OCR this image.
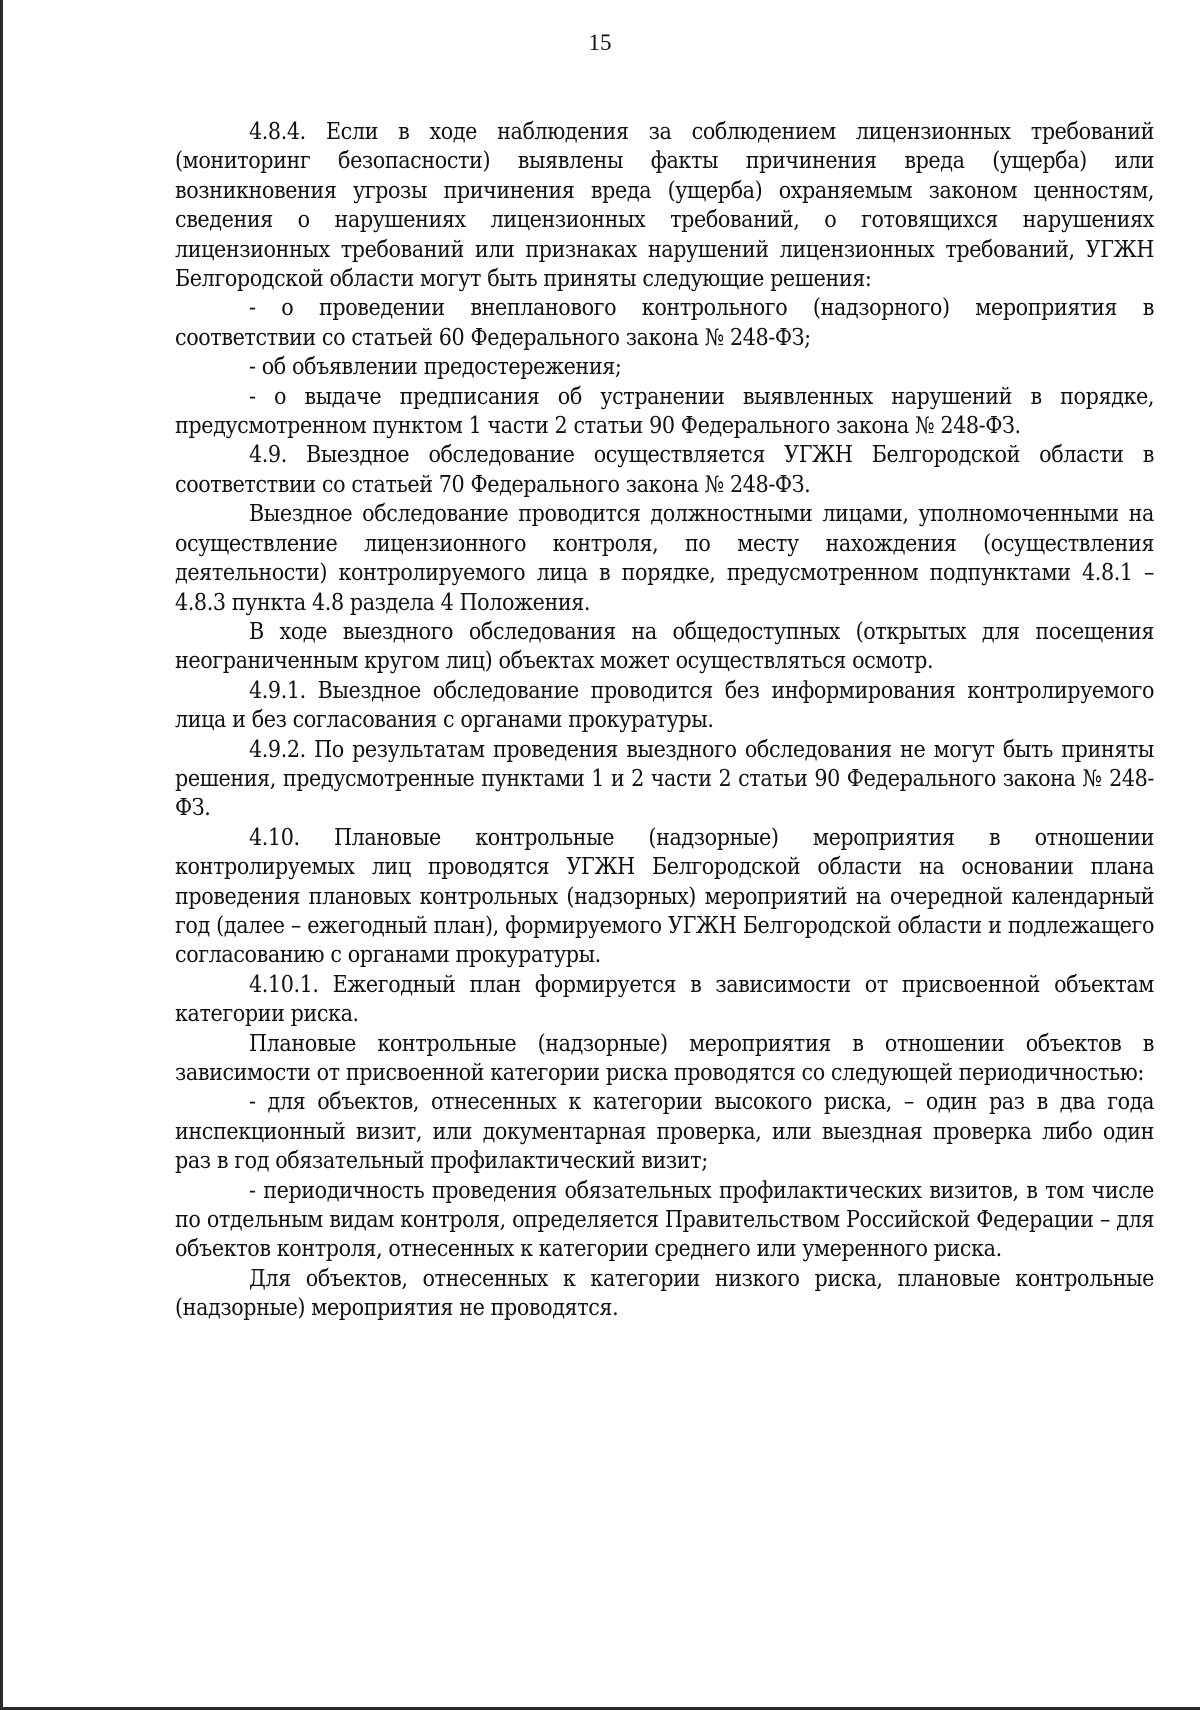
15

4.8.4. Если в ходе наблюдения за соблюдением лицензионных требований (мониторинг безопасности) выявлены факты причинения вреда (ущерба) или возникновения угрозы причинения вреда (ущерба) охраняемым законом ценностям, сведения о нарушениях лицензионных требований, о готовящихся нарушениях лицензионных требований или признаках нарушений лицензионных требований, УГЖН Белгородской области могут быть приняты следующие решения:

- о проведении внепланового контрольного (надзорного) мероприятия в соответствии со статьей 60 Федерального закона № 248-ФЗ;

- об объявлении предостережения;

- о выдаче предписания об устранении выявленных нарушений в порядке, предусмотренном пунктом 1 части 2 статьи 90 Федерального закона № 248-ФЗ.

4.9. Выездное обследование осуществляется УГЖН Белгородской области в соответствии со статьей 70 Федерального закона № 248-ФЗ.

Выездное обследование проводится должностными лицами, уполномоченными на осуществление лицензионного контроля, по месту нахождения (осуществления деятельности) контролируемого лица в порядке, предусмотренном подпунктами 4.8.1 – 4.8.3 пункта 4.8 раздела 4 Положения.

В ходе выездного обследования на общедоступных (открытых для посещения неограниченным кругом лиц) объектах может осуществляться осмотр.

4.9.1. Выездное обследование проводится без информирования контролируемого лица и без согласования с органами прокуратуры.

4.9.2. По результатам проведения выездного обследования не могут быть приняты решения, предусмотренные пунктами 1 и 2 части 2 статьи 90 Федерального закона № 248-ФЗ.

4.10. Плановые контрольные (надзорные) мероприятия в отношении контролируемых лиц проводятся УГЖН Белгородской области на основании плана проведения плановых контрольных (надзорных) мероприятий на очередной календарный год (далее – ежегодный план), формируемого УГЖН Белгородской области и подлежащего согласованию с органами прокуратуры.

4.10.1. Ежегодный план формируется в зависимости от присвоенной объектам категории риска.

Плановые контрольные (надзорные) мероприятия в отношении объектов в зависимости от присвоенной категории риска проводятся со следующей периодичностью:

- для объектов, отнесенных к категории высокого риска, – один раз в два года инспекционный визит, или документарная проверка, или выездная проверка либо один раз в год обязательный профилактический визит;

- периодичность проведения обязательных профилактических визитов, в том числе по отдельным видам контроля, определяется Правительством Российской Федерации – для объектов контроля, отнесенных к категории среднего или умеренного риска.

Для объектов, отнесенных к категории низкого риска, плановые контрольные (надзорные) мероприятия не проводятся.
